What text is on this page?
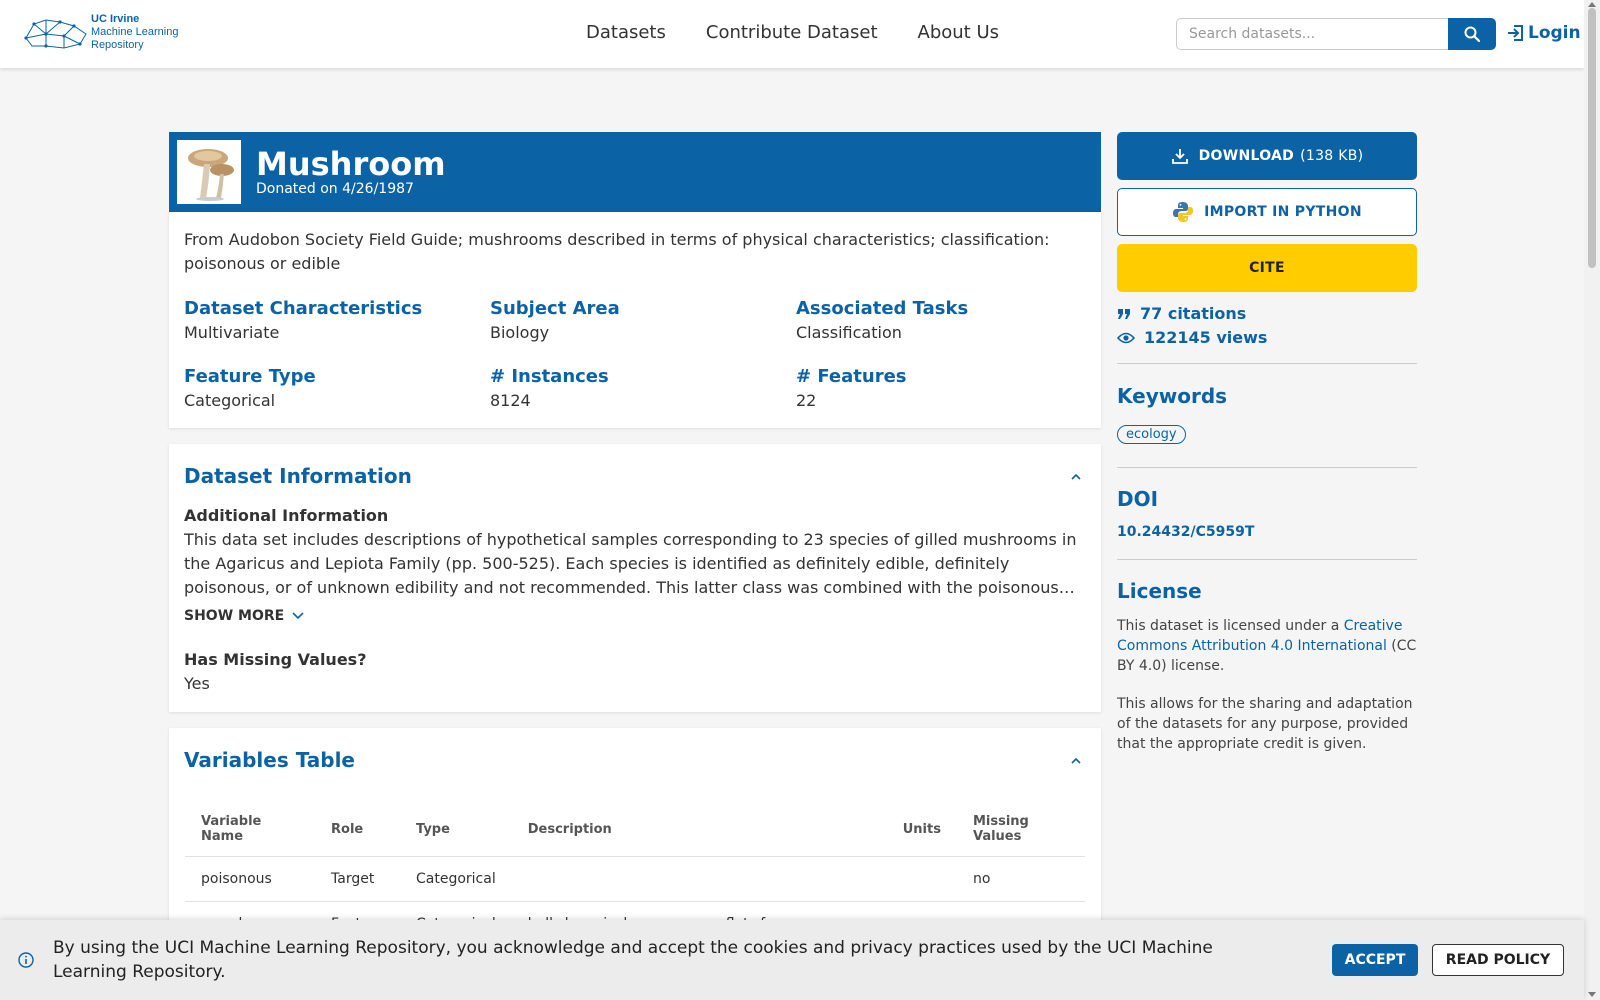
UC Irvine
Machine Learning
Repository
Datasets Contribute Dataset About Us
Search datasets...	Login
Mushroom
Donated on 4/26/1987
From Audobon Society Field Guide; mushrooms described in terms of physical characteristics; classification: poisonous or edible
Dataset Characteristics
Multivariate
Subject Area
Biology
Associated Tasks
Classification
Feature Type
Categorical
# Instances
8124
# Features
22
Dataset Information
Additional Information
This data set includes descriptions of hypothetical samples corresponding to 23 species of gilled mushrooms in the Agaricus and Lepiota Family (pp. 500-525). Each species is identified as definitely edible, definitely poisonous, or of unknown edibility and not recommended. This latter class was combined with the poisonous…
SHOW MORE
Has Missing Values?
Yes
Variables Table
Variable Name	Role	Type	Description	Units	Missing Values
poisonous	Target	Categorical			no

DOWNLOAD (138 KB)
IMPORT IN PYTHON
CITE
77 citations
122145 views
Keywords
ecology
DOI
10.24432/C5959T
License
This dataset is licensed under a Creative Commons Attribution 4.0 International (CC BY 4.0) license.
This allows for the sharing and adaptation of the datasets for any purpose, provided that the appropriate credit is given.
By using the UCI Machine Learning Repository, you acknowledge and accept the cookies and privacy practices used by the UCI Machine Learning Repository.
ACCEPT	READ POLICY
